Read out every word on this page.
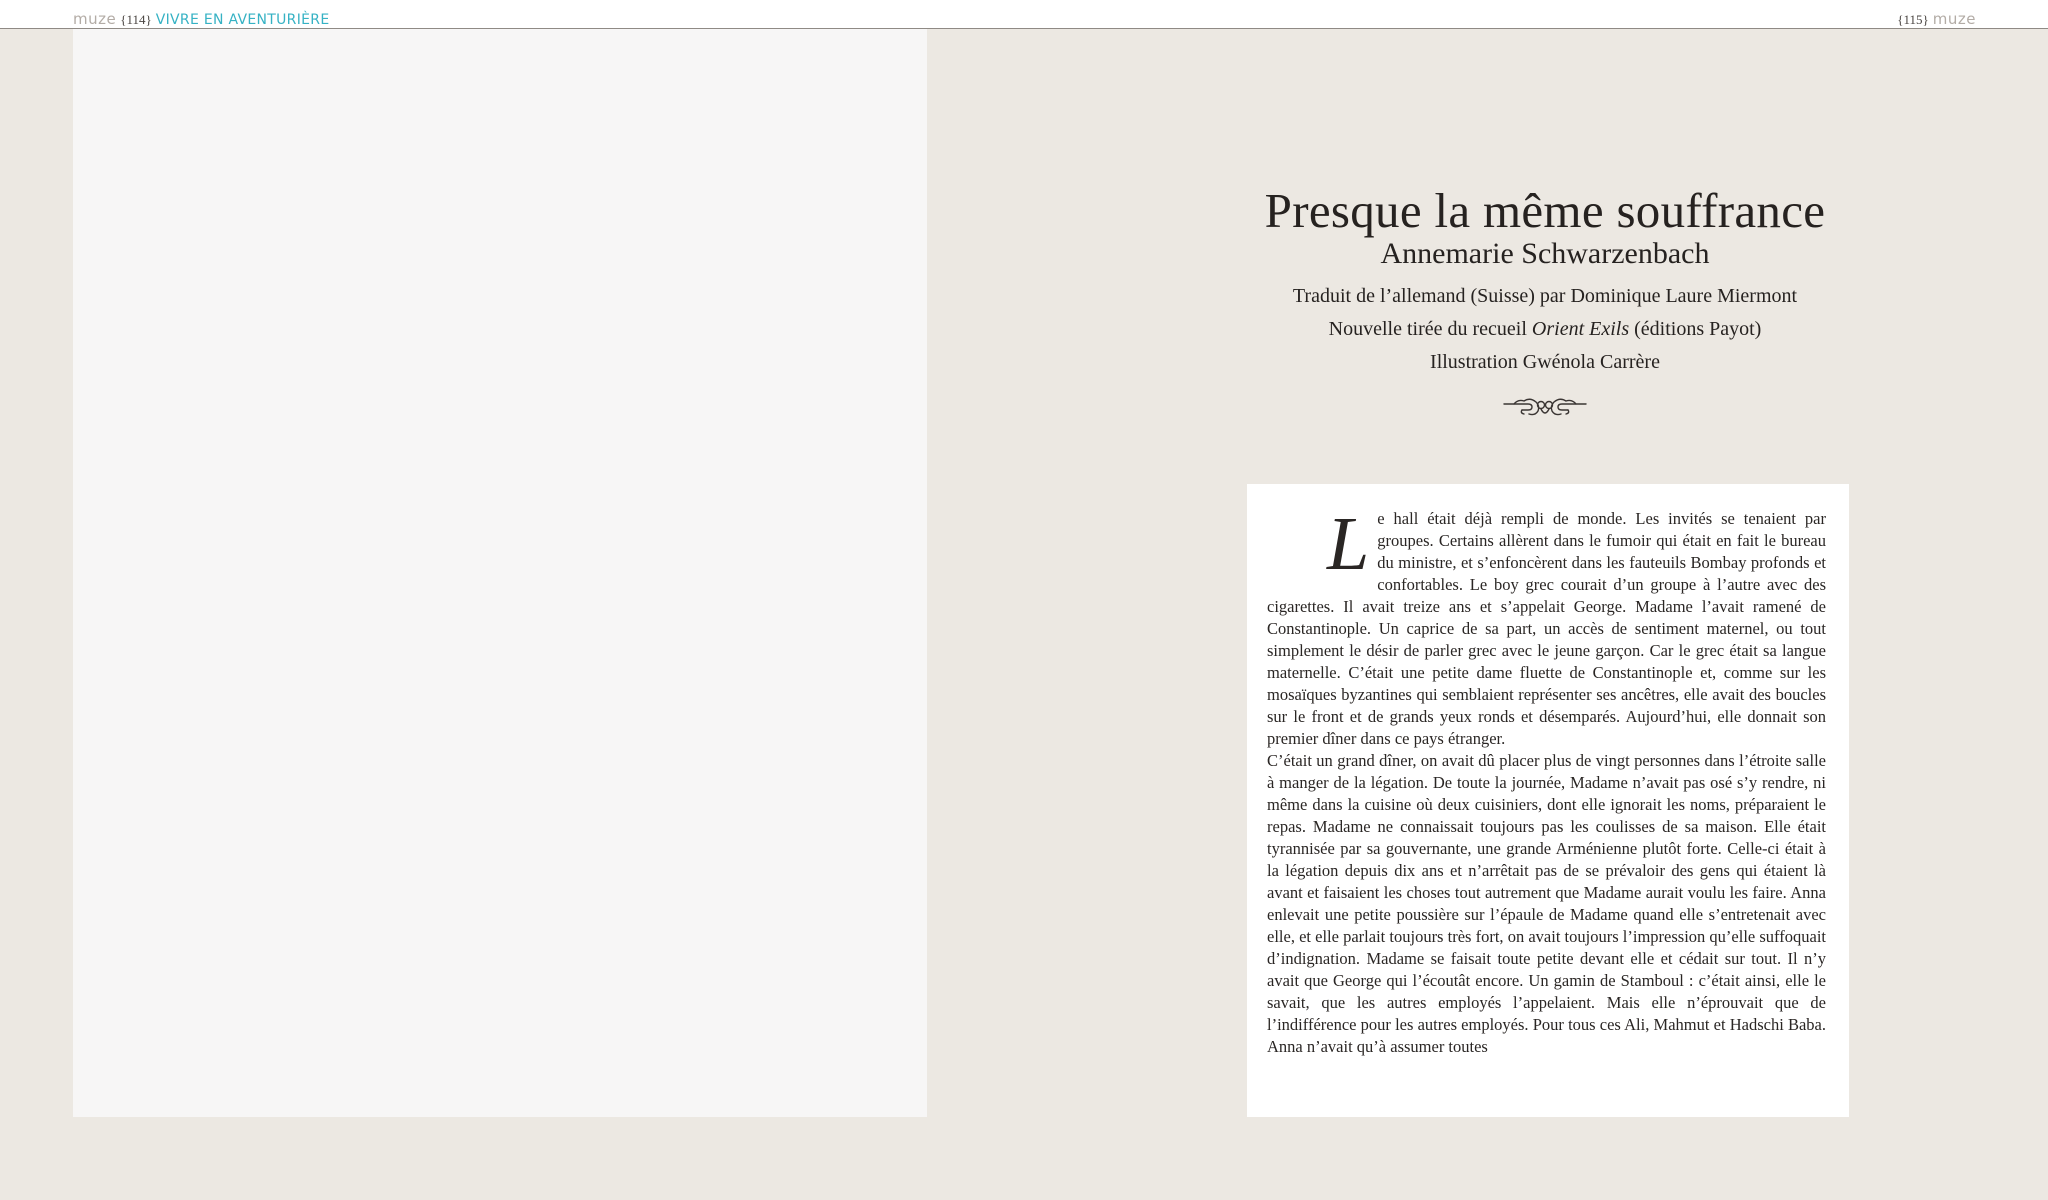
muze {114} VIVRE EN AVENTURIÈRE	{115} muze
Presque la même souffrance
Annemarie Schwarzenbach

Traduit de l’allemand (Suisse) par Dominique Laure Miermont

Nouvelle tirée du recueil Orient Exils (éditions Payot)

Illustration Gwénola Carrère

L e hall était déjà rempli de monde. Les invités se tenaient par groupes. Certains allèrent dans le fumoir qui était en fait le bureau du ministre, et s’enfoncèrent dans les fauteuils Bombay profonds et confortables. Le boy grec courait d’un groupe à l’autre avec des cigarettes. Il avait treize ans et s’appelait George. Madame l’avait ramené de Constantinople. Un caprice de sa part, un accès de sentiment maternel, ou tout simplement le désir de parler grec avec le jeune garçon. Car le grec était sa langue maternelle. C’était une petite dame fluette de Constantinople et, comme sur les mosaïques byzantines qui semblaient représenter ses ancêtres, elle avait des boucles sur le front et de grands yeux ronds et désemparés. Aujourd’hui, elle donnait son premier dîner dans ce pays étranger.

C’était un grand dîner, on avait dû placer plus de vingt personnes dans l’étroite salle à manger de la légation. De toute la journée, Madame n’avait pas osé s’y rendre, ni même dans la cuisine où deux cuisiniers, dont elle ignorait les noms, préparaient le repas. Madame ne connaissait toujours pas les coulisses de sa maison. Elle était tyrannisée par sa gouvernante, une grande Arménienne plutôt forte. Celle-ci était à la légation depuis dix ans et n’arrêtait pas de se prévaloir des gens qui étaient là avant et faisaient les choses tout autrement que Madame aurait voulu les faire. Anna enlevait une petite poussière sur l’épaule de Madame quand elle s’entretenait avec elle, et elle parlait toujours très fort, on avait toujours l’impression qu’elle suffoquait d’indignation. Madame se faisait toute petite devant elle et cédait sur tout. Il n’y avait que George qui l’écoutât encore. Un gamin de Stamboul : c’était ainsi, elle le savait, que les autres employés l’appelaient. Mais elle n’éprouvait que de l’indifférence pour les autres employés. Pour tous ces Ali, Mahmut et Hadschi Baba. Anna n’avait qu’à assumer toutes
